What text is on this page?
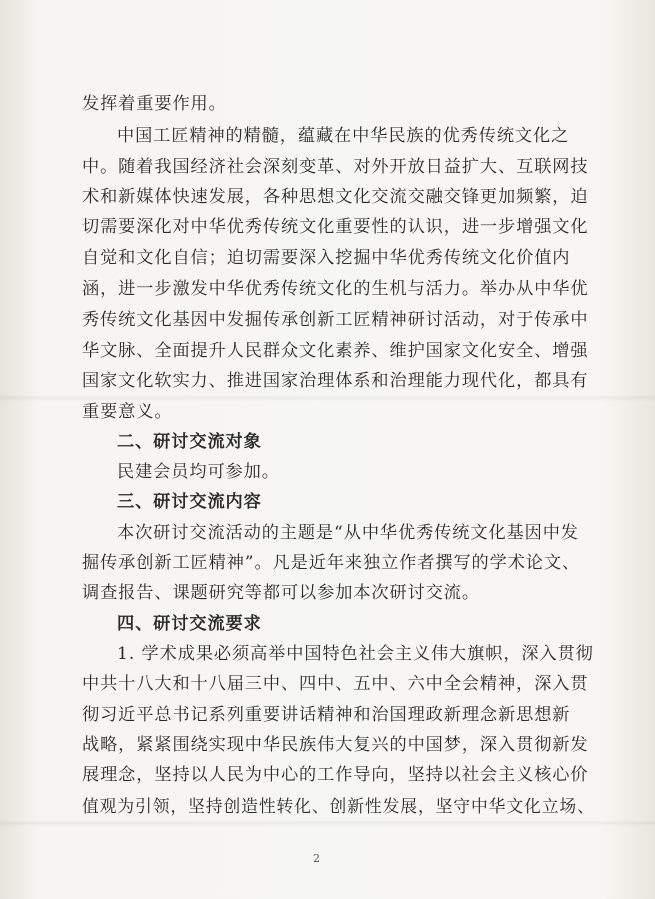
发挥着重要作用。
中国工匠精神的精髓，蕴藏在中华民族的优秀传统文化之
中。随着我国经济社会深刻变革、对外开放日益扩大、互联网技
术和新媒体快速发展，各种思想文化交流交融交锋更加频繁，迫
切需要深化对中华优秀传统文化重要性的认识，进一步增强文化
自觉和文化自信；迫切需要深入挖掘中华优秀传统文化价值内
涵，进一步激发中华优秀传统文化的生机与活力。举办从中华优
秀传统文化基因中发掘传承创新工匠精神研讨活动，对于传承中
华文脉、全面提升人民群众文化素养、维护国家文化安全、增强
国家文化软实力、推进国家治理体系和治理能力现代化，都具有
重要意义。
二、研讨交流对象
民建会员均可参加。
三、研讨交流内容
本次研讨交流活动的主题是“从中华优秀传统文化基因中发
掘传承创新工匠精神”。凡是近年来独立作者撰写的学术论文、
调查报告、课题研究等都可以参加本次研讨交流。
四、研讨交流要求
1. 学术成果必须高举中国特色社会主义伟大旗帜，深入贯彻
中共十八大和十八届三中、四中、五中、六中全会精神，深入贯
彻习近平总书记系列重要讲话精神和治国理政新理念新思想新
战略，紧紧围绕实现中华民族伟大复兴的中国梦，深入贯彻新发
展理念，坚持以人民为中心的工作导向，坚持以社会主义核心价
值观为引领，坚持创造性转化、创新性发展，坚守中华文化立场、
2
